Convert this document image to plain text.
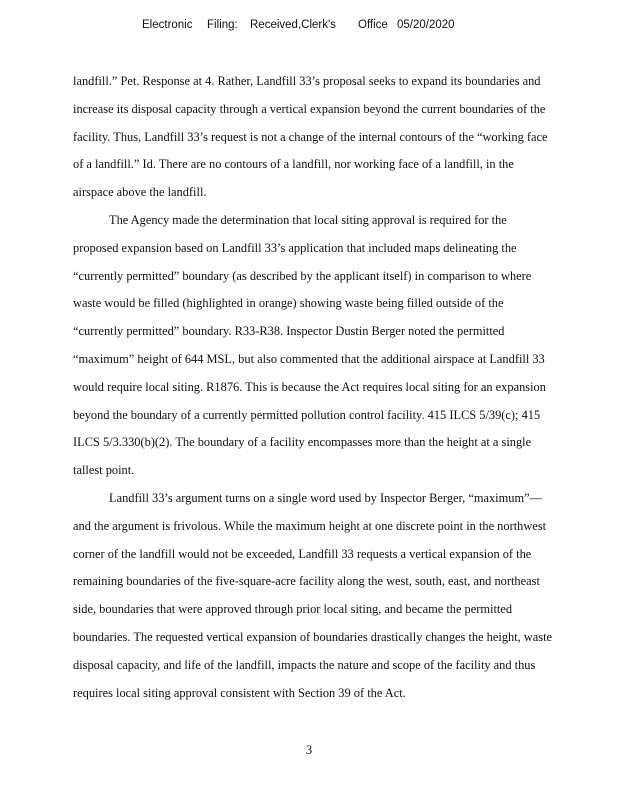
Electronic Filing: Received,Clerk's Office 05/20/2020

landfill.” Pet. Response at 4. Rather, Landfill 33’s proposal seeks to expand its boundaries and
increase its disposal capacity through a vertical expansion beyond the current boundaries of the
facility. Thus, Landfill 33’s request is not a change of the internal contours of the “working face
of a landfill.” Id. There are no contours of a landfill, nor working face of a landfill, in the
airspace above the landfill.

The Agency made the determination that local siting approval is required for the
proposed expansion based on Landfill 33’s application that included maps delineating the
“currently permitted” boundary (as described by the applicant itself) in comparison to where
waste would be filled (highlighted in orange) showing waste being filled outside of the
“currently permitted” boundary. R33-R38. Inspector Dustin Berger noted the permitted
“maximum” height of 644 MSL, but also commented that the additional airspace at Landfill 33
would require local siting. R1876. This is because the Act requires local siting for an expansion
beyond the boundary of a currently permitted pollution control facility. 415 ILCS 5/39(c); 415
ILCS 5/3.330(b)(2). The boundary of a facility encompasses more than the height at a single
tallest point.

Landfill 33’s argument turns on a single word used by Inspector Berger, “maximum”—
and the argument is frivolous. While the maximum height at one discrete point in the northwest
corner of the landfill would not be exceeded, Landfill 33 requests a vertical expansion of the
remaining boundaries of the five-square-acre facility along the west, south, east, and northeast
side, boundaries that were approved through prior local siting, and became the permitted
boundaries. The requested vertical expansion of boundaries drastically changes the height, waste
disposal capacity, and life of the landfill, impacts the nature and scope of the facility and thus
requires local siting approval consistent with Section 39 of the Act.

3
